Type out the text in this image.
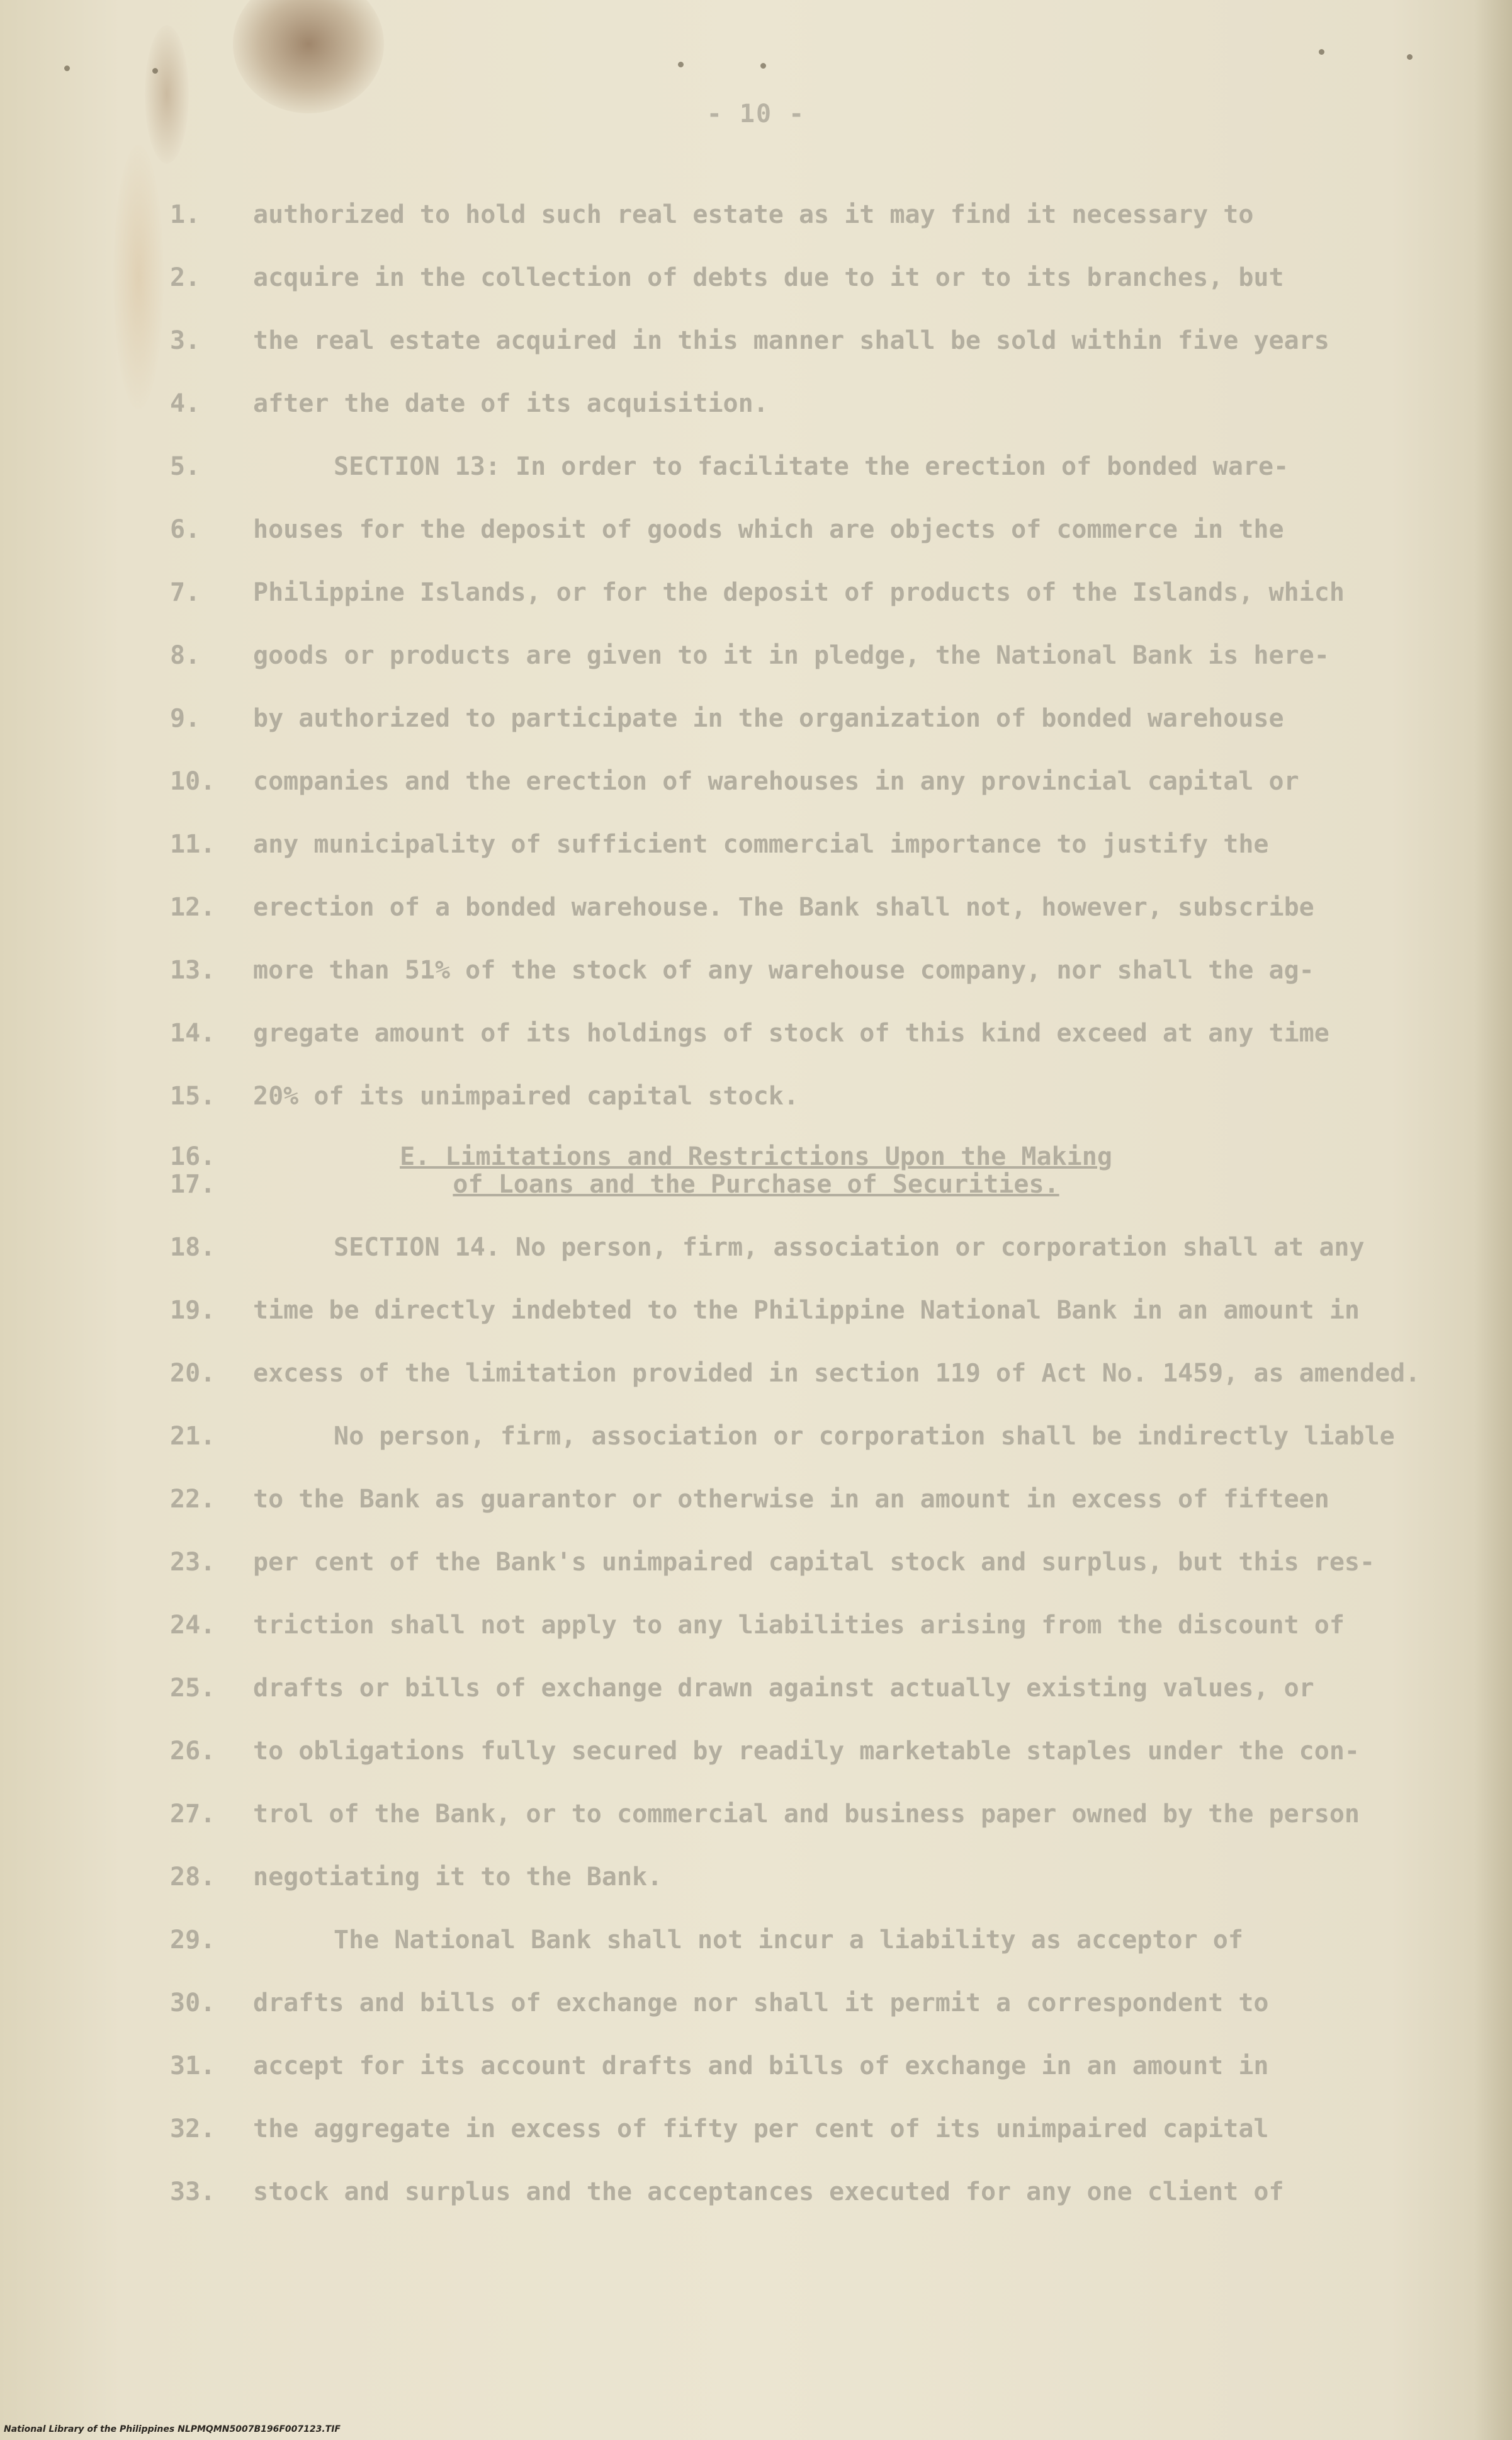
- 10 -
1.	authorized to hold such real estate as it may find it necessary to
2.	acquire in the collection of debts due to it or to its branches, but
3.	the real estate acquired in this manner shall be sold within five years
4.	after the date of its acquisition.
5.	SECTION 13: In order to facilitate the erection of bonded ware-
6.	houses for the deposit of goods which are objects of commerce in the
7.	Philippine Islands, or for the deposit of products of the Islands, which
8.	goods or products are given to it in pledge, the National Bank is here-
9.	by authorized to participate in the organization of bonded warehouse
10.	companies and the erection of warehouses in any provincial capital or
11.	any municipality of sufficient commercial importance to justify the
12.	erection of a bonded warehouse. The Bank shall not, however, subscribe
13.	more than 51% of the stock of any warehouse company, nor shall the ag-
14.	gregate amount of its holdings of stock of this kind exceed at any time
15.	20% of its unimpaired capital stock.
16.
17.
E. Limitations and Restrictions Upon the Making
of Loans and the Purchase of Securities.
18.	SECTION 14. No person, firm, association or corporation shall at any
19.	time be directly indebted to the Philippine National Bank in an amount in
20.	excess of the limitation provided in section 119 of Act No. 1459, as amended.
21.	No person, firm, association or corporation shall be indirectly liable
22.	to the Bank as guarantor or otherwise in an amount in excess of fifteen
23.	per cent of the Bank's unimpaired capital stock and surplus, but this res-
24.	triction shall not apply to any liabilities arising from the discount of
25.	drafts or bills of exchange drawn against actually existing values, or
26.	to obligations fully secured by readily marketable staples under the con-
27.	trol of the Bank, or to commercial and business paper owned by the person
28.	negotiating it to the Bank.
29.	The National Bank shall not incur a liability as acceptor of
30.	drafts and bills of exchange nor shall it permit a correspondent to
31.	accept for its account drafts and bills of exchange in an amount in
32.	the aggregate in excess of fifty per cent of its unimpaired capital
33.	stock and surplus and the acceptances executed for any one client of
National Library of the Philippines NLPMQMN5007B196F007123.TIF
